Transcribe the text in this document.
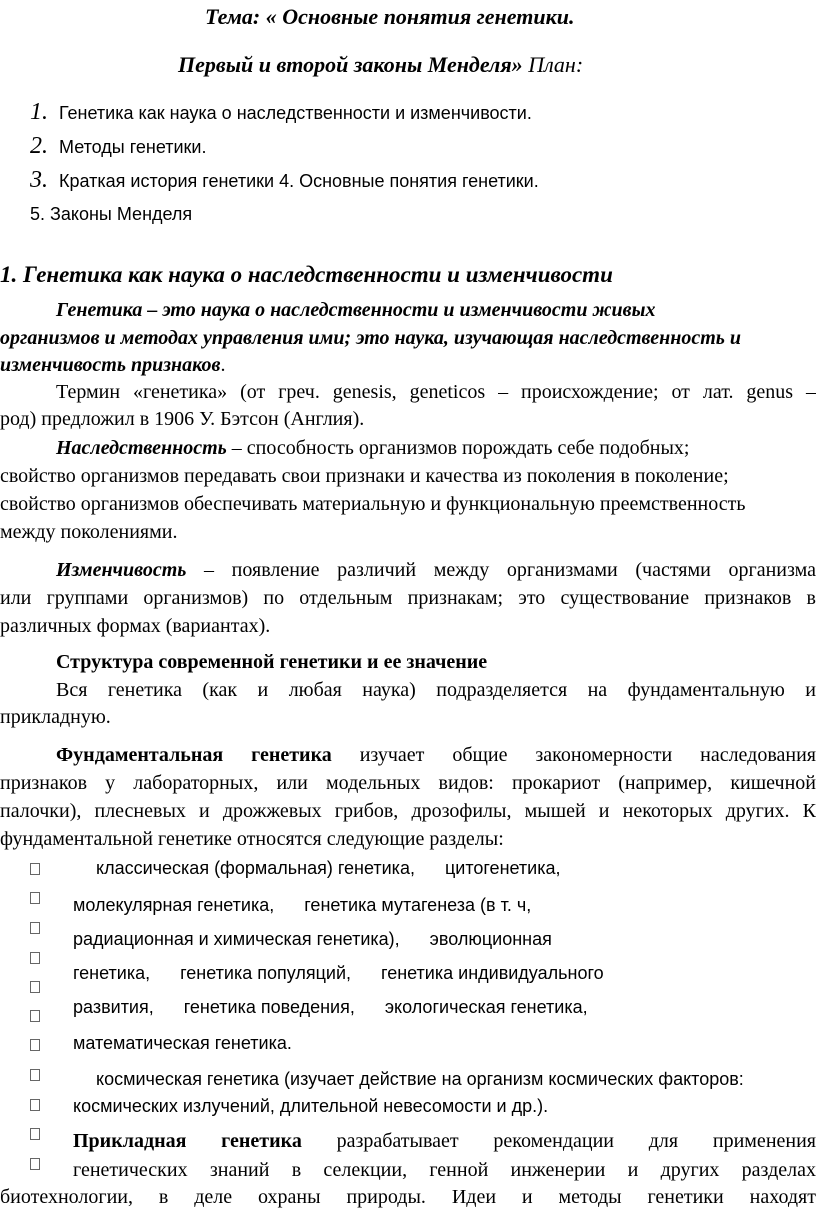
Тема: « Основные понятия генетики.
Первый и второй законы Менделя» План:
1. Генетика как наука о наследственности и изменчивости.
2. Методы генетики.
3. Краткая история генетики 4. Основные понятия генетики.
5. Законы Менделя
1. Генетика как наука о наследственности и изменчивости
Генетика – это наука о наследственности и изменчивости живых
организмов и методах управления ими; это наука, изучающая наследственность и
изменчивость признаков.
Термин «генетика» (от греч. genesis, geneticos – происхождение; от лат. genus –
род) предложил в 1906 У. Бэтсон (Англия).
Наследственность – способность организмов порождать себе подобных;
свойство организмов передавать свои признаки и качества из поколения в поколение;
свойство организмов обеспечивать материальную и функциональную преемственность
между поколениями.
Изменчивость – появление различий между организмами (частями организма
или группами организмов) по отдельным признакам; это существование признаков в
различных формах (вариантах).
Структура современной генетики и ее значение
Вся генетика (как и любая наука) подразделяется на фундаментальную и
прикладную.
Фундаментальная генетика изучает общие закономерности наследования
признаков у лабораторных, или модельных видов: прокариот (например, кишечной
палочки), плесневых и дрожжевых грибов, дрозофилы, мышей и некоторых других. К
фундаментальной генетике относятся следующие разделы:
классическая (формальная) генетика,      цитогенетика,
молекулярная генетика,      генетика мутагенеза (в т. ч,
радиационная и химическая генетика),      эволюционная
генетика,      генетика популяций,      генетика индивидуального
развития,      генетика поведения,      экологическая генетика,
математическая генетика.
космическая генетика (изучает действие на организм космических факторов:
космических излучений, длительной невесомости и др.).
Прикладная генетика разрабатывает рекомендации для применения
генетических знаний в селекции, генной инженерии и других разделах
биотехнологии, в деле охраны природы. Идеи и методы генетики находят
